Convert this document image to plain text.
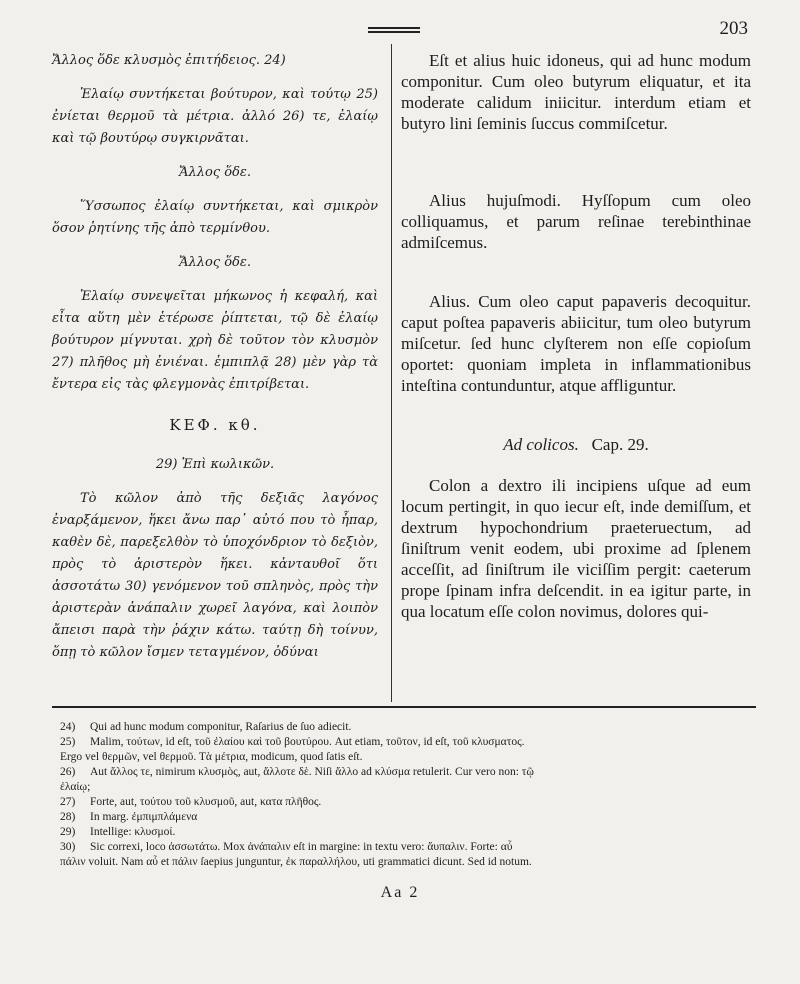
203

Ἄλλος ὅδε κλυσμὸς ἐπιτήδειος. 24)

Ἐλαίῳ συντήκεται βούτυρον, καὶ τούτῳ 25) ἐνίεται θερμοῦ τὰ μέτρια. ἀλλό 26) τε, ἐλαίῳ καὶ τῷ βουτύρῳ συγκιρνᾶται.

Ἄλλος ὅδε.

Ὕσσωπος ἐλαίῳ συντήκεται, καὶ σμικρὸν ὅσον ῥητίνης τῆς ἀπὸ τερμίνθου.

Ἄλλος ὅδε.

Ἐλαίῳ συνεψεῖται μήκωνος ἡ κεφαλή, καὶ εἶτα αὕτη μὲν ἑτέρωσε ῥίπτεται, τῷ δὲ ἐλαίῳ βούτυρον μίγνυται. χρὴ δὲ τοῦτον τὸν κλυσμὸν 27) πλῆθος μὴ ἐνιέναι. ἐμπιπλᾷ 28) μὲν γὰρ τὰ ἔντερα εἰς τὰς φλεγμονὰς ἐπιτρίβεται.

ΚΕΦ. κθ.

29) Ἐπὶ κωλικῶν.

Τὸ κῶλον ἀπὸ τῆς δεξιᾶς λαγόνος ἐναρξάμενον, ἥκει ἄνω παρ᾽ αὐτό που τὸ ἧπαρ, καθὲν δὲ, παρεξελθὸν τὸ ὑποχόνδριον τὸ δεξιὸν, πρὸς τὸ ἀριστερὸν ἥκει. κἀνταυθοῖ ὅτι ἀσσοτάτω 30) γενόμενον τοῦ σπληνὸς, πρὸς τὴν ἀριστερὰν ἀνάπαλιν χωρεῖ λαγόνα, καὶ λοιπὸν ἄπεισι παρὰ τὴν ῥάχιν κάτω. ταύτῃ δὴ τοίνυν, ὅπῃ τὸ κῶλον ἴσμεν τεταγμένον, ὀδύναι

Eſt et alius huic idoneus, qui ad hunc modum componitur. Cum oleo butyrum eliquatur, et ita moderate calidum iniicitur. interdum etiam et butyro lini ſeminis ſuccus commiſcetur.

Alius hujuſmodi. Hyſſopum cum oleo colliquamus, et parum reſinae terebinthinae admiſcemus.

Alius. Cum oleo caput papaveris decoquitur. caput poſtea papaveris abiicitur, tum oleo butyrum miſcetur. ſed hunc clyſterem non eſſe copioſum oportet: quoniam impleta in inflammationibus inteſtina contunduntur, atque affliguntur.

Ad colicos. Cap. 29.

Colon a dextro ili incipiens uſque ad eum locum pertingit, in quo iecur eſt, inde demiſſum, et dextrum hypochondrium praeteruectum, ad ſiniſtrum venit eodem, ubi proxime ad ſplenem acceſſit, ad ſiniſtrum ile viciſſim pergit: caeterum prope ſpinam infra deſcendit. in ea igitur parte, in qua locatum eſſe colon novimus, dolores qui-

24) Qui ad hunc modum componitur, Raſarius de ſuo adiecit.

25) Malim, τούτων, id eſt, τοῦ ἐλαίου καὶ τοῦ βουτύρου. Aut etiam, τοῦτον, id eſt, τοῦ κλυσματος.

Ergo vel θερμῶν, vel θερμοῦ. Τὰ μέτρια, modicum, quod ſatis eſt.

26) Aut ἄλλος τε, nimirum κλυσμὸς, aut, ἄλλοτε δὲ. Niſi ἄλλο ad κλύσμα retulerit. Cur vero non: τῷ

ἐλαίῳ;

27) Forte, aut, τούτου τοῦ κλυσμοῦ, aut, κατα πλῆθος.

28) In marg. ἐμπιμπλάμενα

29) Intellige: κλυσμοί.

30) Sic correxi, loco ἀσσωτάτω. Mox ἀνάπαλιν eſt in margine: in textu vero: ἄυπαλιν. Forte: αὖ

πάλιν voluit. Nam αὖ et πάλιν ſaepius junguntur, ἐκ παραλλήλου, uti grammatici dicunt. Sed id notum.

Aa 2
